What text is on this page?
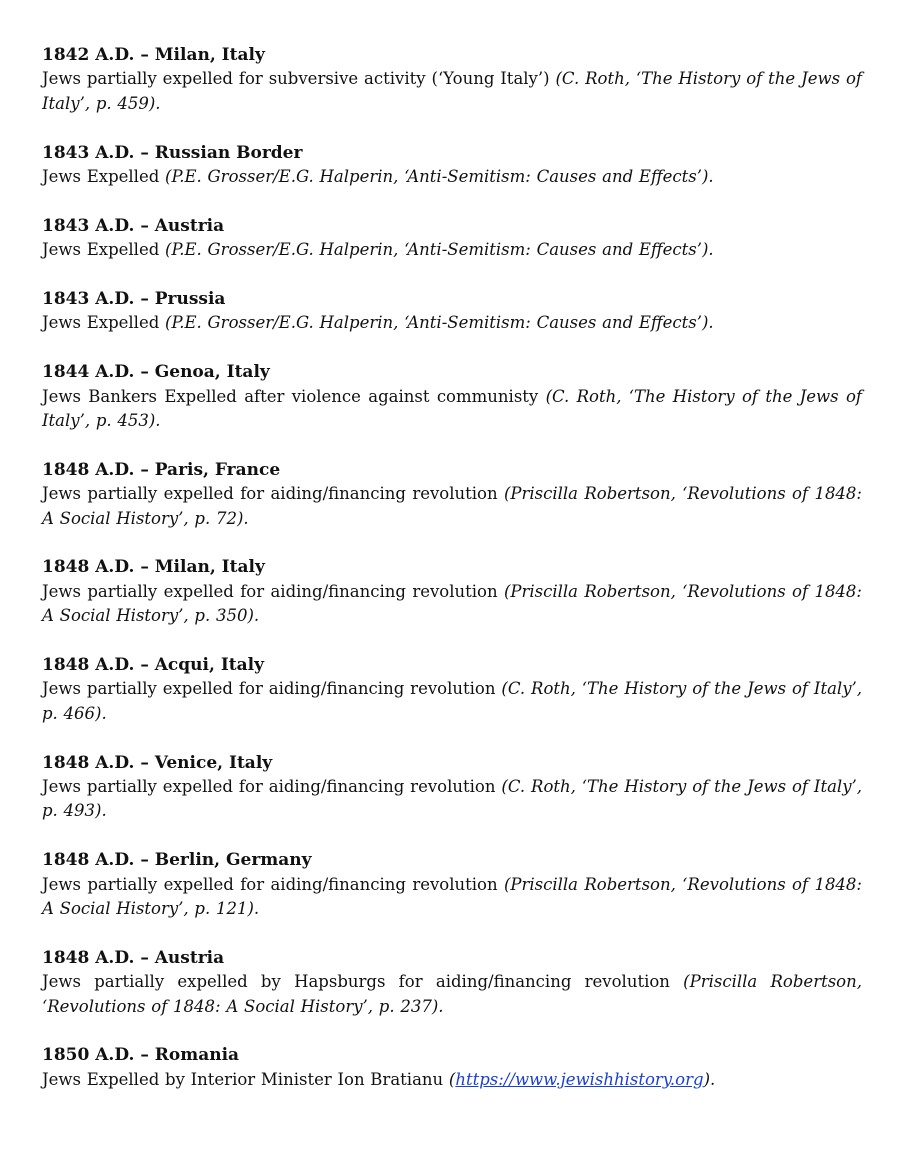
1842 A.D. – Milan, Italy
Jews partially expelled for subversive activity (‘Young Italy’) (C. Roth, ‘The History of the Jews of Italy’, p. 459).
1843 A.D. – Russian Border
Jews Expelled (P.E. Grosser/E.G. Halperin, ‘Anti-Semitism: Causes and Effects’).
1843 A.D. – Austria
Jews Expelled (P.E. Grosser/E.G. Halperin, ‘Anti-Semitism: Causes and Effects’).
1843 A.D. – Prussia
Jews Expelled (P.E. Grosser/E.G. Halperin, ‘Anti-Semitism: Causes and Effects’).
1844 A.D. – Genoa, Italy
Jews Bankers Expelled after violence against communisty (C. Roth, ‘The History of the Jews of Italy’, p. 453).
1848 A.D. – Paris, France
Jews partially expelled for aiding/financing revolution (Priscilla Robertson, ‘Revolutions of 1848: A Social History’, p. 72).
1848 A.D. – Milan, Italy
Jews partially expelled for aiding/financing revolution (Priscilla Robertson, ‘Revolutions of 1848: A Social History’, p. 350).
1848 A.D. – Acqui, Italy
Jews partially expelled for aiding/financing revolution (C. Roth, ‘The History of the Jews of Italy’, p. 466).
1848 A.D. – Venice, Italy
Jews partially expelled for aiding/financing revolution (C. Roth, ‘The History of the Jews of Italy’, p. 493).
1848 A.D. – Berlin, Germany
Jews partially expelled for aiding/financing revolution (Priscilla Robertson, ‘Revolutions of 1848: A Social History’, p. 121).
1848 A.D. – Austria
Jews partially expelled by Hapsburgs for aiding/financing revolution (Priscilla Robertson, ‘Revolutions of 1848: A Social History’, p. 237).
1850 A.D. – Romania
Jews Expelled by Interior Minister Ion Bratianu (https://www.jewishhistory.org).
